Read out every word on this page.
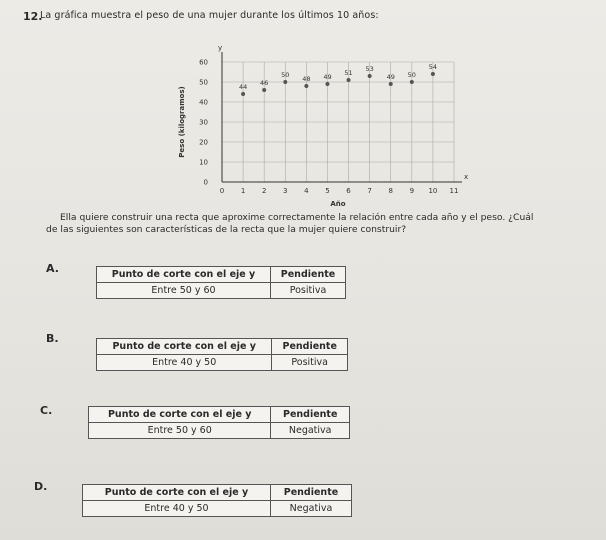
12.
La gráfica muestra el peso de una mujer durante los últimos 10 años:
0 1 2 3 4 5 6 7 8 9 10 11
0
10
20
30
40
50
60
x
y
Año
Peso (kilogramos)	44 46
50 48 49 51 53
49 50
54
Ella quiere construir una recta que aproxime correctamente la relación entre cada año y el peso. ¿Cuál
de las siguientes son características de la recta que la mujer quiere construir?
A.	Punto de corte con el eje y	Pendiente
Entre 50 y 60	Positiva
B.
Punto de corte con el eje y	Pendiente
Entre 40 y 50	Positiva
C.	Punto de corte con el eje y	Pendiente
Entre 50 y 60	Negativa
D.	Punto de corte con el eje y	Pendiente
Entre 40 y 50	Negativa
